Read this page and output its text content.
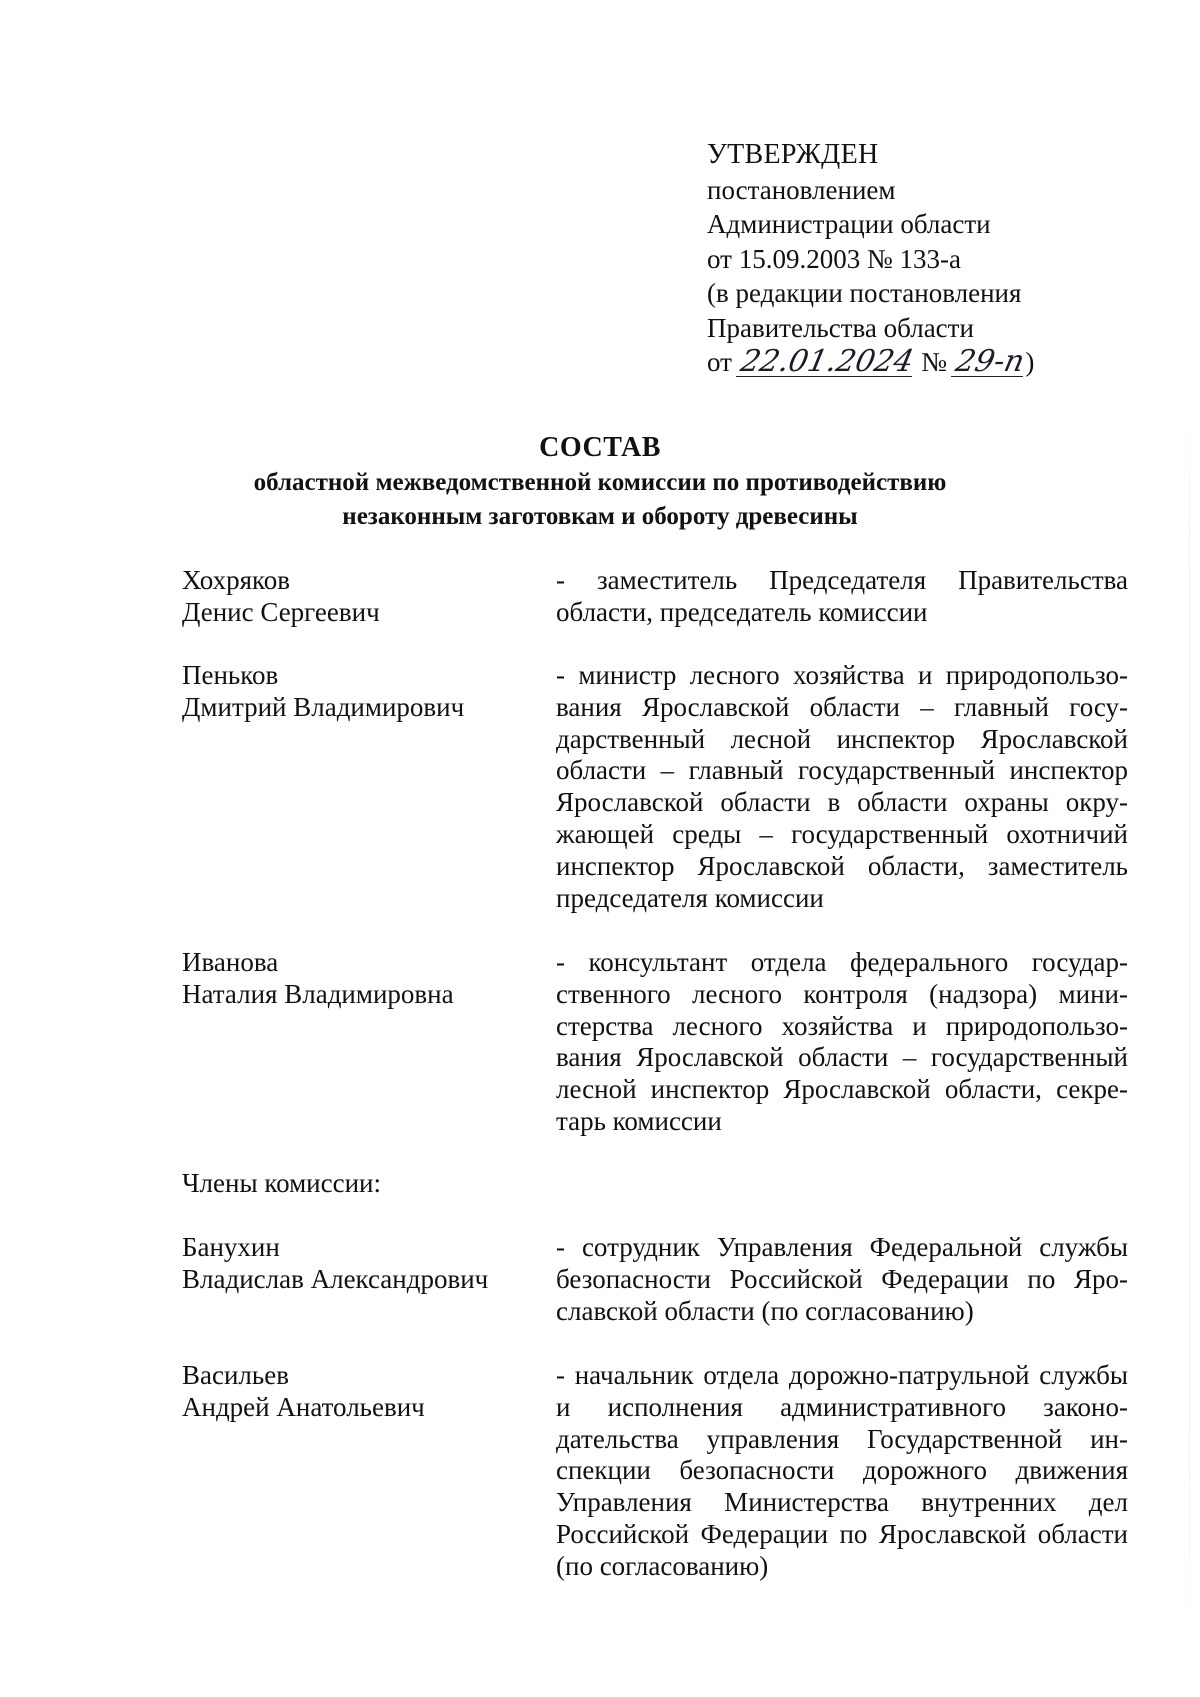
УТВЕРЖДЕН
постановлением
Администрации области
от 15.09.2003 № 133-а
(в редакции постановления
Правительства области
от 22.01.2024 № 29-п)
СОСТАВ
областной межведомственной комиссии по противодействию
незаконным заготовкам и обороту древесины
Хохряков
Денис Сергеевич
- заместитель Председателя Правительства области, председатель комиссии
Пеньков
Дмитрий Владимирович
- министр лесного хозяйства и природопользования Ярославской области – главный государственный лесной инспектор Ярославской области – главный государственный инспектор Ярославской области в области охраны окружающей среды – государственный охотничий инспектор Ярославской области, заместитель председателя комиссии
Иванова
Наталия Владимировна
- консультант отдела федерального государственного лесного контроля (надзора) министерства лесного хозяйства и природопользования Ярославской области – государственный лесной инспектор Ярославской области, секретарь комиссии
Члены комиссии:
Банухин
Владислав Александрович
- сотрудник Управления Федеральной службы безопасности Российской Федерации по Ярославской области (по согласованию)
Васильев
Андрей Анатольевич
- начальник отдела дорожно-патрульной службы и исполнения административного законодательства управления Государственной инспекции безопасности дорожного движения Управления Министерства внутренних дел Российской Федерации по Ярославской области (по согласованию)
